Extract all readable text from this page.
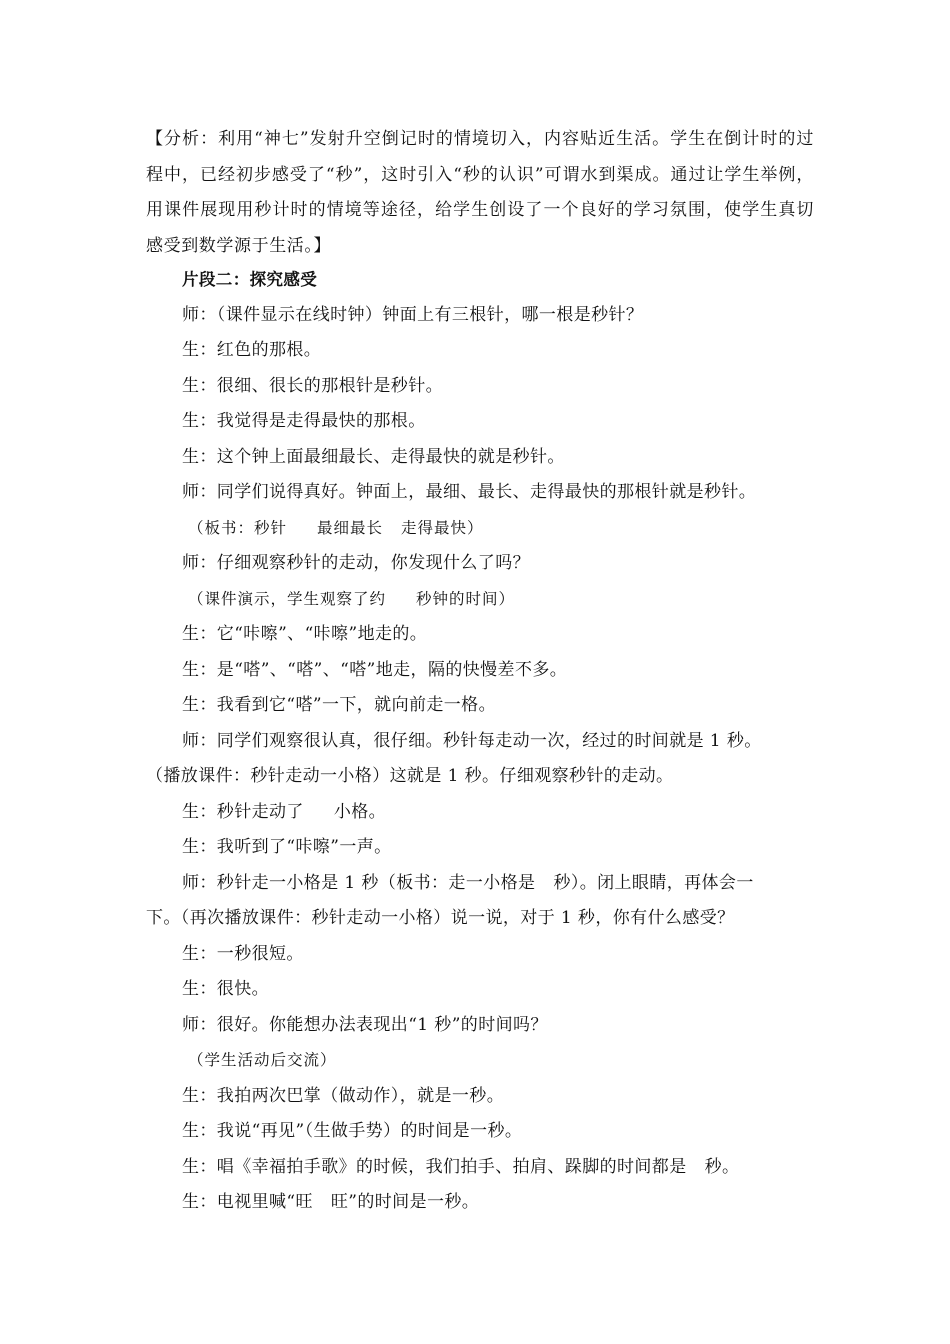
【分析：利用“神七”发射升空倒记时的情境切入，内容贴近生活。学生在倒计时的过程中，已经初步感受了“秒”，这时引入“秒的认识”可谓水到渠成。通过让学生举例，用课件展现用秒计时的情境等途径，给学生创设了一个良好的学习氛围，使学生真切感受到数学源于生活。】
片段二：探究感受
师：（课件显示在线时钟）钟面上有三根针，哪一根是秒针？
生：红色的那根。
生：很细、很长的那根针是秒针。
生：我觉得是走得最快的那根。
生：这个钟上面最细最长、走得最快的就是秒针。
师：同学们说得真好。钟面上，最细、最长、走得最快的那根针就是秒针。
（板书：秒针 最细最长 走得最快）
师：仔细观察秒针的走动，你发现什么了吗？
（课件演示，学生观察了约 秒钟的时间）
生：它“咔嚓”、“咔嚓”地走的。
生：是“嗒”、“嗒”、“嗒”地走，隔的快慢差不多。
生：我看到它“嗒”一下，就向前走一格。
师：同学们观察很认真，很仔细。秒针每走动一次，经过的时间就是 1 秒。
（播放课件：秒针走动一小格）这就是 1 秒。仔细观察秒针的走动。
生：秒针走动了 小格。
生：我听到了“咔嚓”一声。
师：秒针走一小格是 1 秒（板书：走一小格是 秒）。闭上眼睛，再体会一
下。（再次播放课件：秒针走动一小格）说一说，对于 1 秒，你有什么感受？
生：一秒很短。
生：很快。
师：很好。你能想办法表现出“1 秒”的时间吗？
（学生活动后交流）
生：我拍两次巴掌（做动作），就是一秒。
生：我说“再见”（生做手势）的时间是一秒。
生：唱《幸福拍手歌》的时候，我们拍手、拍肩、跺脚的时间都是 秒。
生：电视里喊“旺 旺”的时间是一秒。
